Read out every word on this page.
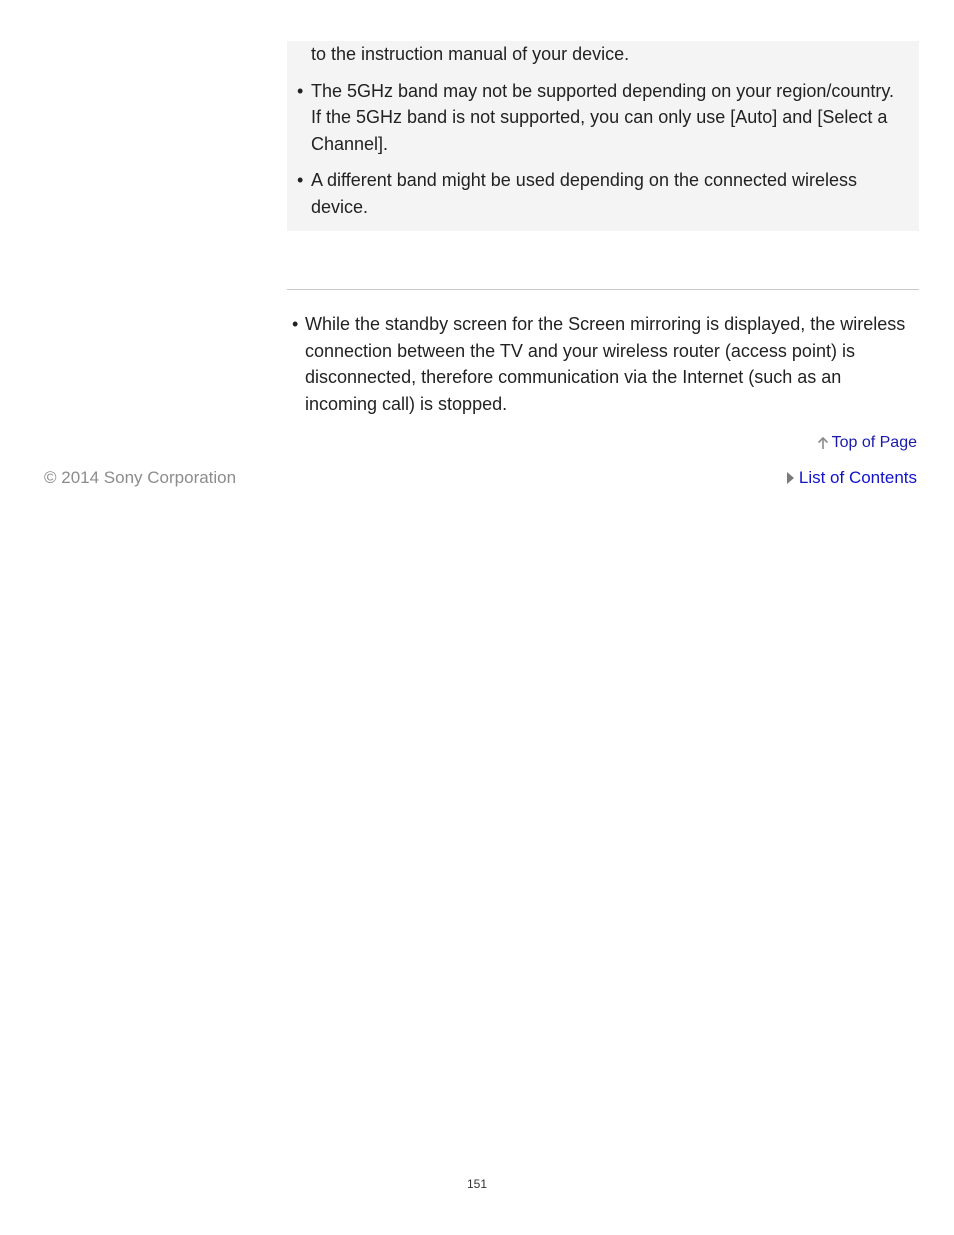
to the instruction manual of your device.

• The 5GHz band may not be supported depending on your region/country. If the 5GHz band is not supported, you can only use [Auto] and [Select a Channel].

• A different band might be used depending on the connected wireless device.

• While the standby screen for the Screen mirroring is displayed, the wireless connection between the TV and your wireless router (access point) is disconnected, therefore communication via the Internet (such as an incoming call) is stopped.

Top of Page
© 2014 Sony Corporation	List of Contents
151
